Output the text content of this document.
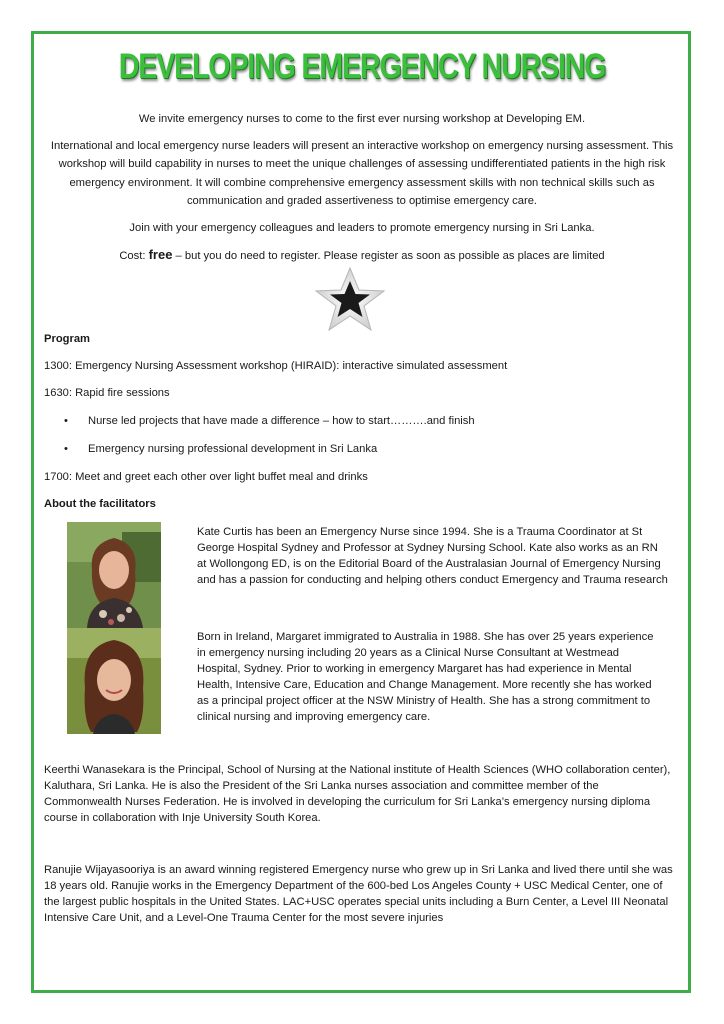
DEVELOPING EMERGENCY NURSING
We invite emergency nurses to come to the first ever nursing workshop at Developing EM.
International and local emergency nurse leaders will present an interactive workshop on emergency nursing assessment. This workshop will build capability in nurses to meet the unique challenges of assessing undifferentiated patients in the high risk emergency environment. It will combine comprehensive emergency assessment skills with non technical skills such as communication and graded assertiveness to optimise emergency care.
Join with your emergency colleagues and leaders to promote emergency nursing in Sri Lanka.
Cost: free – but you do need to register. Please register as soon as possible as places are limited
Program
1300: Emergency Nursing Assessment workshop (HIRAID): interactive simulated assessment
1630: Rapid fire sessions
• Nurse led projects that have made a difference – how to start……….and finish
• Emergency nursing professional development in Sri Lanka
1700: Meet and greet each other over light buffet meal and drinks
About the facilitators
Kate Curtis has been an Emergency Nurse since 1994. She is a Trauma Coordinator at St George Hospital Sydney and Professor at Sydney Nursing School. Kate also works as an RN at Wollongong ED, is on the Editorial Board of the Australasian Journal of Emergency Nursing and has a passion for conducting and helping others conduct Emergency and Trauma research
Born in Ireland, Margaret immigrated to Australia in 1988. She has over 25 years experience in emergency nursing including 20 years as a Clinical Nurse Consultant at Westmead Hospital, Sydney. Prior to working in emergency Margaret has had experience in Mental Health, Intensive Care, Education and Change Management. More recently she has worked as a principal project officer at the NSW Ministry of Health. She has a strong commitment to clinical nursing and improving emergency care.
Keerthi Wanasekara is the Principal, School of Nursing at the National institute of Health Sciences (WHO collaboration center), Kaluthara, Sri Lanka. He is also the President of the Sri Lanka nurses association and committee member of the Commonwealth Nurses Federation. He is involved in developing the curriculum for Sri Lanka’s emergency nursing diploma course in collaboration with Inje University South Korea.
Ranujie Wijayasooriya is an award winning registered Emergency nurse who grew up in Sri Lanka and lived there until she was 18 years old. Ranujie works in the Emergency Department of the 600-bed Los Angeles County + USC Medical Center, one of the largest public hospitals in the United States. LAC+USC operates special units including a Burn Center, a Level III Neonatal Intensive Care Unit, and a Level-One Trauma Center for the most severe injuries
